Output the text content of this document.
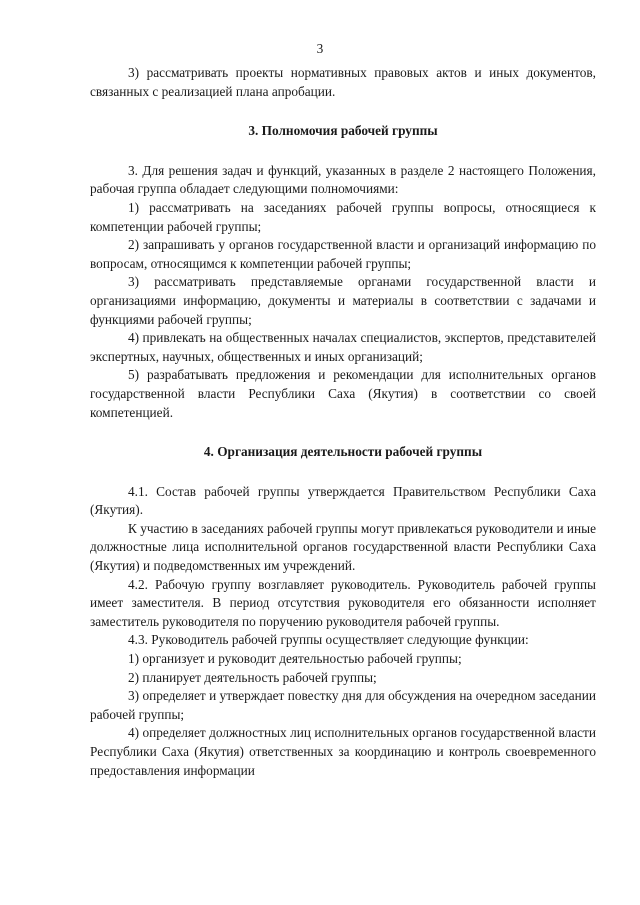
3

3) рассматривать проекты нормативных правовых актов и иных документов, связанных с реализацией плана апробации.

3. Полномочия рабочей группы

3. Для решения задач и функций, указанных в разделе 2 настоящего Положения, рабочая группа обладает следующими полномочиями:

1) рассматривать на заседаниях рабочей группы вопросы, относящиеся к компетенции рабочей группы;

2) запрашивать у органов государственной власти и организаций информацию по вопросам, относящимся к компетенции рабочей группы;

3) рассматривать представляемые органами государственной власти и организациями информацию, документы и материалы в соответствии с задачами и функциями рабочей группы;

4) привлекать на общественных началах специалистов, экспертов, представителей экспертных, научных, общественных и иных организаций;

5) разрабатывать предложения и рекомендации для исполнительных органов государственной власти Республики Саха (Якутия) в соответствии со своей компетенцией.

4. Организация деятельности рабочей группы

4.1. Состав рабочей группы утверждается Правительством Республики Саха (Якутия).

К участию в заседаниях рабочей группы могут привлекаться руководители и иные должностные лица исполнительной органов государственной власти Республики Саха (Якутия) и подведомственных им учреждений.

4.2. Рабочую группу возглавляет руководитель. Руководитель рабочей группы имеет заместителя. В период отсутствия руководителя его обязанности исполняет заместитель руководителя по поручению руководителя рабочей группы.

4.3. Руководитель рабочей группы осуществляет следующие функции:

1) организует и руководит деятельностью рабочей группы;

2) планирует деятельность рабочей группы;

3) определяет и утверждает повестку дня для обсуждения на очередном заседании рабочей группы;

4) определяет должностных лиц исполнительных органов государственной власти Республики Саха (Якутия) ответственных за координацию и контроль своевременного предоставления информации
